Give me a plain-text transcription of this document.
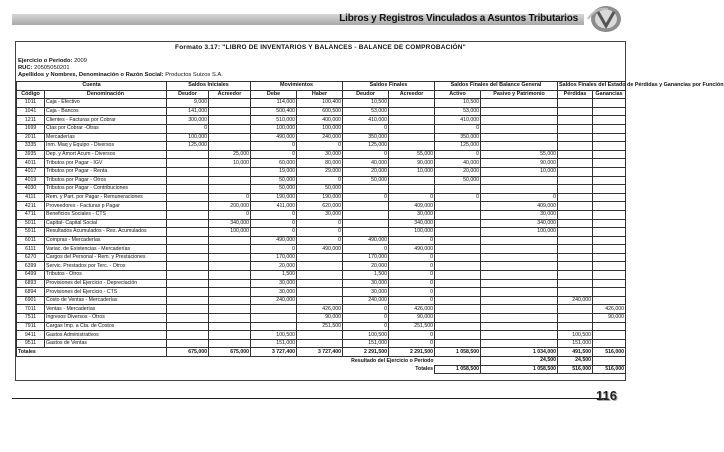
Libros y Registros Vinculados a Asuntos Tributarios
Formato 3.17: "LIBRO DE INVENTARIOS Y BALANCES - BALANCE DE COMPROBACIÓN"
Ejercicio o Periodo: 2009
RUC: 20505050201
Apellidos y Nombres, Denominación o Razón Social: Productos Suizos S.A.
Cuenta		Saldos Iniciales		Movimientos		Saldos Finales		Saldos Finales del Balance General		Saldos Finales del Estado de Pérdidas y Ganancias por Función	
Código	Denominación	Deudor	Acreedor	Debe	Haber	Deudor	Acreedor	Activo	Pasivo y Patrimonio	Pérdidas	Ganancias
1011	Caja - Efectivo	9,000		114,000	100,400	10,500		10,500			
1041	Caja - Bancos	141,000		500,400	600,500	53,000		53,000			
1211	Clientes - Facturas por Cobrar	300,000		510,000	400,000	410,000		410,000			
1699	Ctas por Cobrar -Otras	0		100,000	100,000	0		0			
2011	Mercaderías	100,000		490,000	240,000	350,000		350,000			
3335	Inm. Maq y Equipo - Diversos	125,000		0	0	125,000		125,000			
3935	Dep. y Amort Acum - Diversos		25,000	0	30,000	0	55,000	0	55,000		
4011	Tributos por Pagar - IGV		10,000	60,000	80,000	40,000	90,000	40,000	90,000		
4017	Tributos por Pagar - Renta			19,000	29,000	20,000	10,000	20,000	10,000		
4019	Tributos por Pagar - Otros			50,000	0	50,000		50,000			
4030	Tributos por Pagar - Contribuciones			50,000	50,000						
4111	Rem. y Part. por Pagar - Remuneraciones		0	190,000	190,000	0	0	0	0		
4211	Proveedores - Facturas p Pagar		200,000	411,000	620,000		409,000		409,000		
4711	Beneficios Sociales - CTS		0	0	30,000		30,000		30,000		
5011	Capital- Capital Social		340,000	0	0		340,000		340,000		
5911	Resultados Acumulados - Res. Acumulados		100,000	0	0		100,000		100,000		
6011	Compras - Mercaderías			490,000	0	490,000	0				
6111	Variac. de Existencias - Mercaderías			0	490,000	0	490,000				
6270	Cargos del Personal - Rem. y Prestaciones			170,000		170,000	0				
6399	Servic. Prestados por Terc. - Otros			20,000		20,000	0				
6499	Tributos - Otros			1,500		1,500	0				
6893	Provisiones del Ejercicio - Depreciación			30,000		30,000	0				
6894	Provisiones del Ejercicio - CTS			30,000		30,000	0				
6901	Costo de Ventas - Mercaderías			240,000		240,000	0			240,000	
7011	Ventas - Mercaderías				426,000	0	426,000				426,000
7511	Ingresos Diversos - Otros				90,000	0	90,000				90,000
7911	Cargas Imp. a Cta. de Costos				251,500	0	251,500				
9411	Gastos Administrativos			100,500		100,500	0			100,500	
9511	Gastos de Ventas			151,000		151,000	0			151,000	
Totales		675,000	675,000	3 727,400	3 727,400	2 291,500	2 291,500	1 058,500	1 034,000	491,500	516,000
Resultado del Ejercicio o Periodo									24,500	24,500	
Totales								1 058,500	1 058,500	516,000	516,000
116
